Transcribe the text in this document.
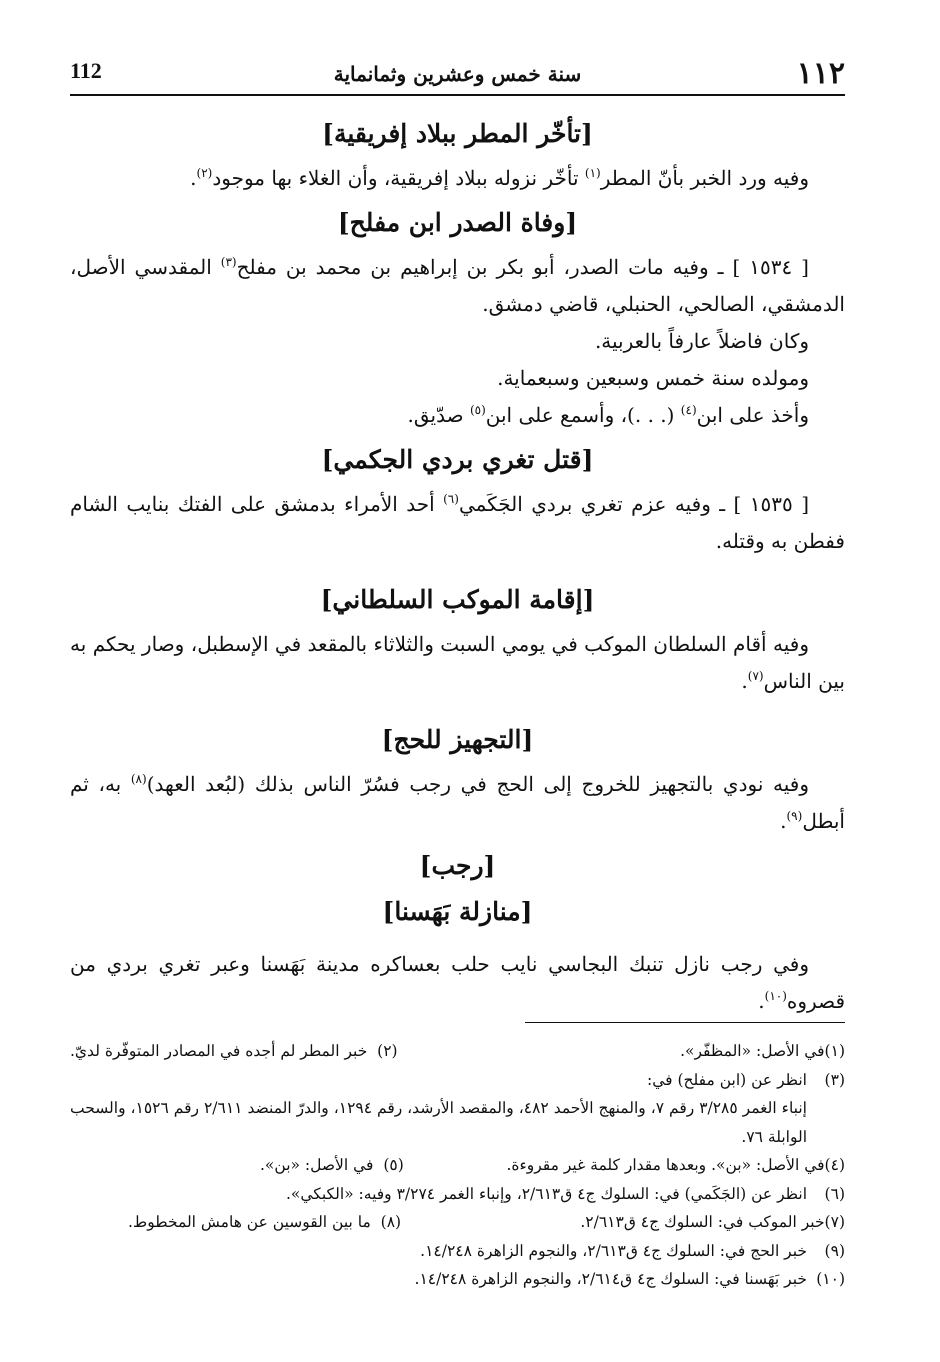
١١٢
سنة خمس وعشرين وثمانماية
112
[تأخّر المطر ببلاد إفريقية]

وفيه ورد الخبر بأنّ المطر$^{(١)}$ تأخّر نزوله ببلاد إفريقية، وأن الغلاء بها موجود$^{(٢)}$.

[وفاة الصدر ابن مفلح]

[ ١٥٣٤ ] ـ وفيه مات الصدر، أبو بكر بن إبراهيم بن محمد بن مفلح$^{(٣)}$ المقدسي الأصل، الدمشقي، الصالحي، الحنبلي، قاضي دمشق.

وكان فاضلاً عارفاً بالعربية.

ومولده سنة خمس وسبعين وسبعماية.

وأخذ على ابن$^{(٤)}$ (. . .)، وأسمع على ابن$^{(٥)}$ صدّيق.

[قتل تغري بردي الجكمي]

[ ١٥٣٥ ] ـ وفيه عزم تغري بردي الجَكَمي$^{(٦)}$ أحد الأمراء بدمشق على الفتك بنايب الشام ففطن به وقتله.

[إقامة الموكب السلطاني]

وفيه أقام السلطان الموكب في يومي السبت والثلاثاء بالمقعد في الإسطبل، وصار يحكم به بين الناس$^{(٧)}$.

[التجهيز للحج]

وفيه نودي بالتجهيز للخروج إلى الحج في رجب فسُرّ الناس بذلك (لبُعد العهد)$^{(٨)}$ به، ثم أبطل$^{(٩)}$.

[رجب]
[منازلة بَهَسنا]

وفي رجب نازل تنبك البجاسي نايب حلب بعساكره مدينة بَهَسنا وعبر تغري بردي من قصروه$^{(١٠)}$.

(١)في الأصل: «المظفّر».
(٢)  خبر المطر لم أجده في المصادر المتوفّرة لديّ.
(٣)انظر عن (ابن مفلح) في:
إنباء الغمر ٣/٢٨٥ رقم ٧، والمنهج الأحمد ٤٨٢، والمقصد الأرشد، رقم ١٢٩٤، والدرّ المنضد ٢/٦١١ رقم ١٥٢٦، والسحب الوابلة ٧٦.
(٤)في الأصل: «بن». وبعدها مقدار كلمة غير مقروءة.
(٥)  في الأصل: «بن».
(٦)انظر عن (الجَكَمي) في: السلوك ج٤ ق٢/٦١٣، وإنباء الغمر ٣/٢٧٤ وفيه: «الكبكي».
(٧)خبر الموكب في: السلوك ج٤ ق٢/٦١٣.
(٨)  ما بين القوسين عن هامش المخطوط.
(٩)خبر الحج في: السلوك ج٤ ق٢/٦١٣، والنجوم الزاهرة ١٤/٢٤٨.
(١٠)خبر بَهَسنا في: السلوك ج٤ ق٢/٦١٤، والنجوم الزاهرة ١٤/٢٤٨.
